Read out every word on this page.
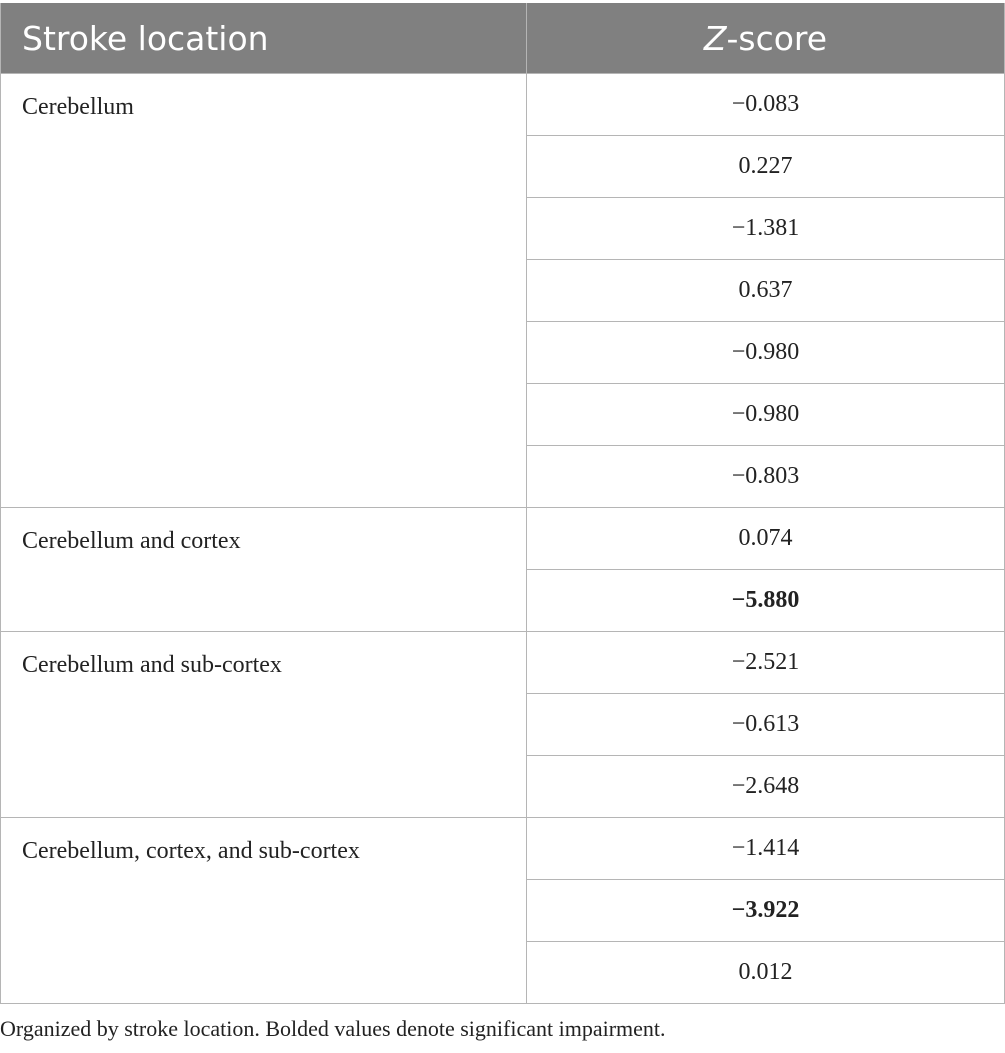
Stroke location	Z-score
Cerebellum	−0.083
	0.227
	−1.381
	0.637
	−0.980
	−0.980
	−0.803
Cerebellum and cortex	0.074
	−5.880
Cerebellum and sub-cortex	−2.521
	−0.613
	−2.648
Cerebellum, cortex, and sub-cortex	−1.414
	−3.922
	0.012
Organized by stroke location. Bolded values denote significant impairment.
